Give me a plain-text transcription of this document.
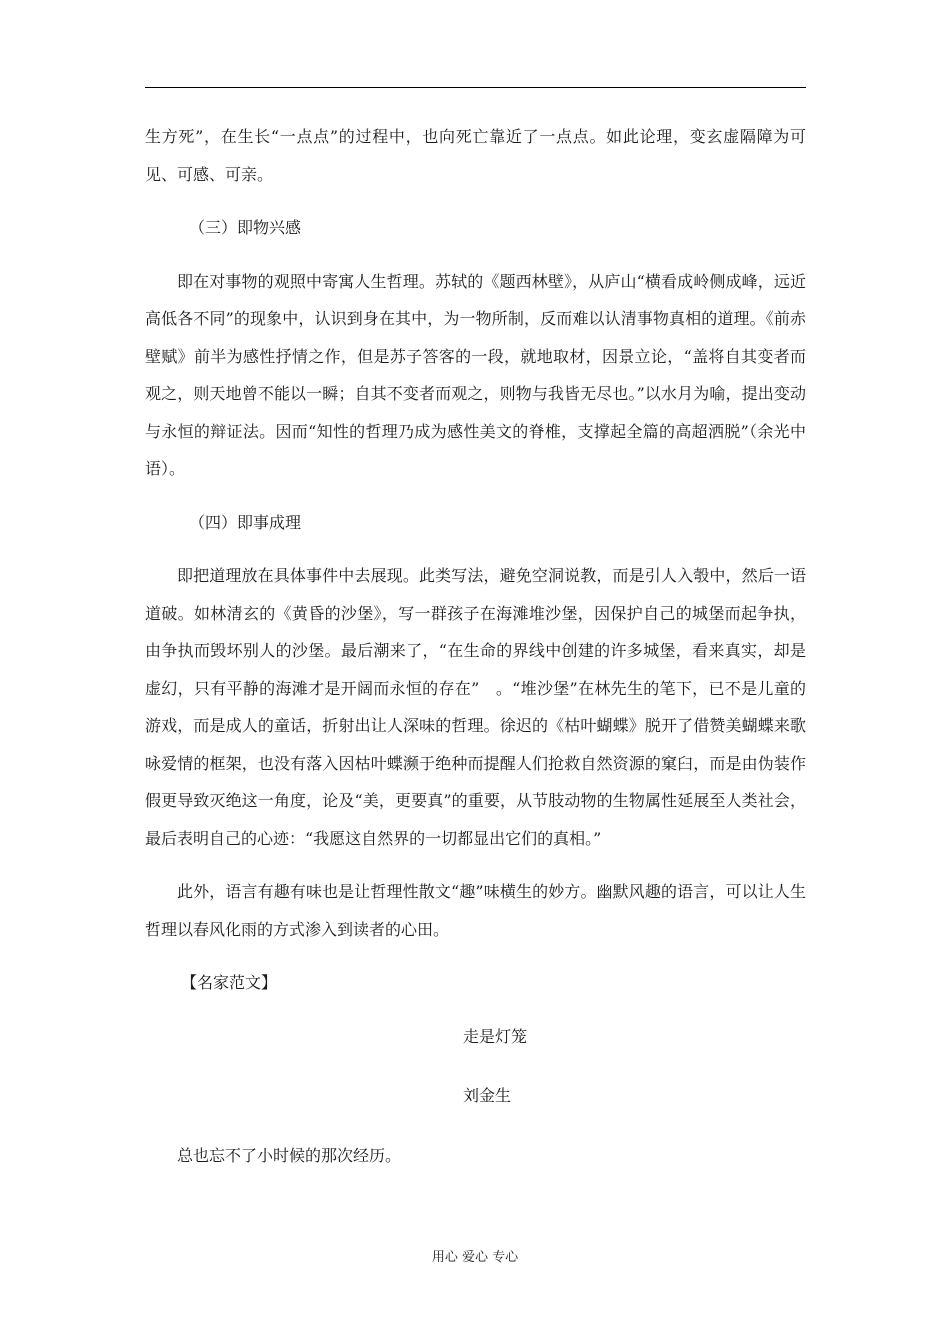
生方死”，在生长“一点点”的过程中，也向死亡靠近了一点点。如此论理，变玄虚隔障为可见、可感、可亲。

（三）即物兴感

即在对事物的观照中寄寓人生哲理。苏轼的《题西林壁》，从庐山“横看成岭侧成峰，远近高低各不同”的现象中，认识到身在其中，为一物所制，反而难以认清事物真相的道理。《前赤壁赋》前半为感性抒情之作，但是苏子答客的一段，就地取材，因景立论，“盖将自其变者而观之，则天地曾不能以一瞬；自其不变者而观之，则物与我皆无尽也。”以水月为喻，提出变动与永恒的辩证法。因而“知性的哲理乃成为感性美文的脊椎，支撑起全篇的高超洒脱”（余光中语）。

（四）即事成理

即把道理放在具体事件中去展现。此类写法，避免空洞说教，而是引人入彀中，然后一语道破。如林清玄的《黄昏的沙堡》，写一群孩子在海滩堆沙堡，因保护自己的城堡而起争执，由争执而毁坏别人的沙堡。最后潮来了，“在生命的界线中创建的许多城堡，看来真实，却是虚幻，只有平静的海滩才是开阔而永恒的存在”　。“堆沙堡”在林先生的笔下，已不是儿童的游戏，而是成人的童话，折射出让人深味的哲理。徐迟的《枯叶蝴蝶》脱开了借赞美蝴蝶来歌咏爱情的框架，也没有落入因枯叶蝶濒于绝种而提醒人们抢救自然资源的窠臼，而是由伪装作假更导致灭绝这一角度，论及“美，更要真”的重要，从节肢动物的生物属性延展至人类社会，最后表明自己的心迹：“我愿这自然界的一切都显出它们的真相。”

此外，语言有趣有味也是让哲理性散文“趣”味横生的妙方。幽默风趣的语言，可以让人生哲理以春风化雨的方式渗入到读者的心田。

【名家范文】

走是灯笼

刘金生

总也忘不了小时候的那次经历。

用心 爱心 专心
